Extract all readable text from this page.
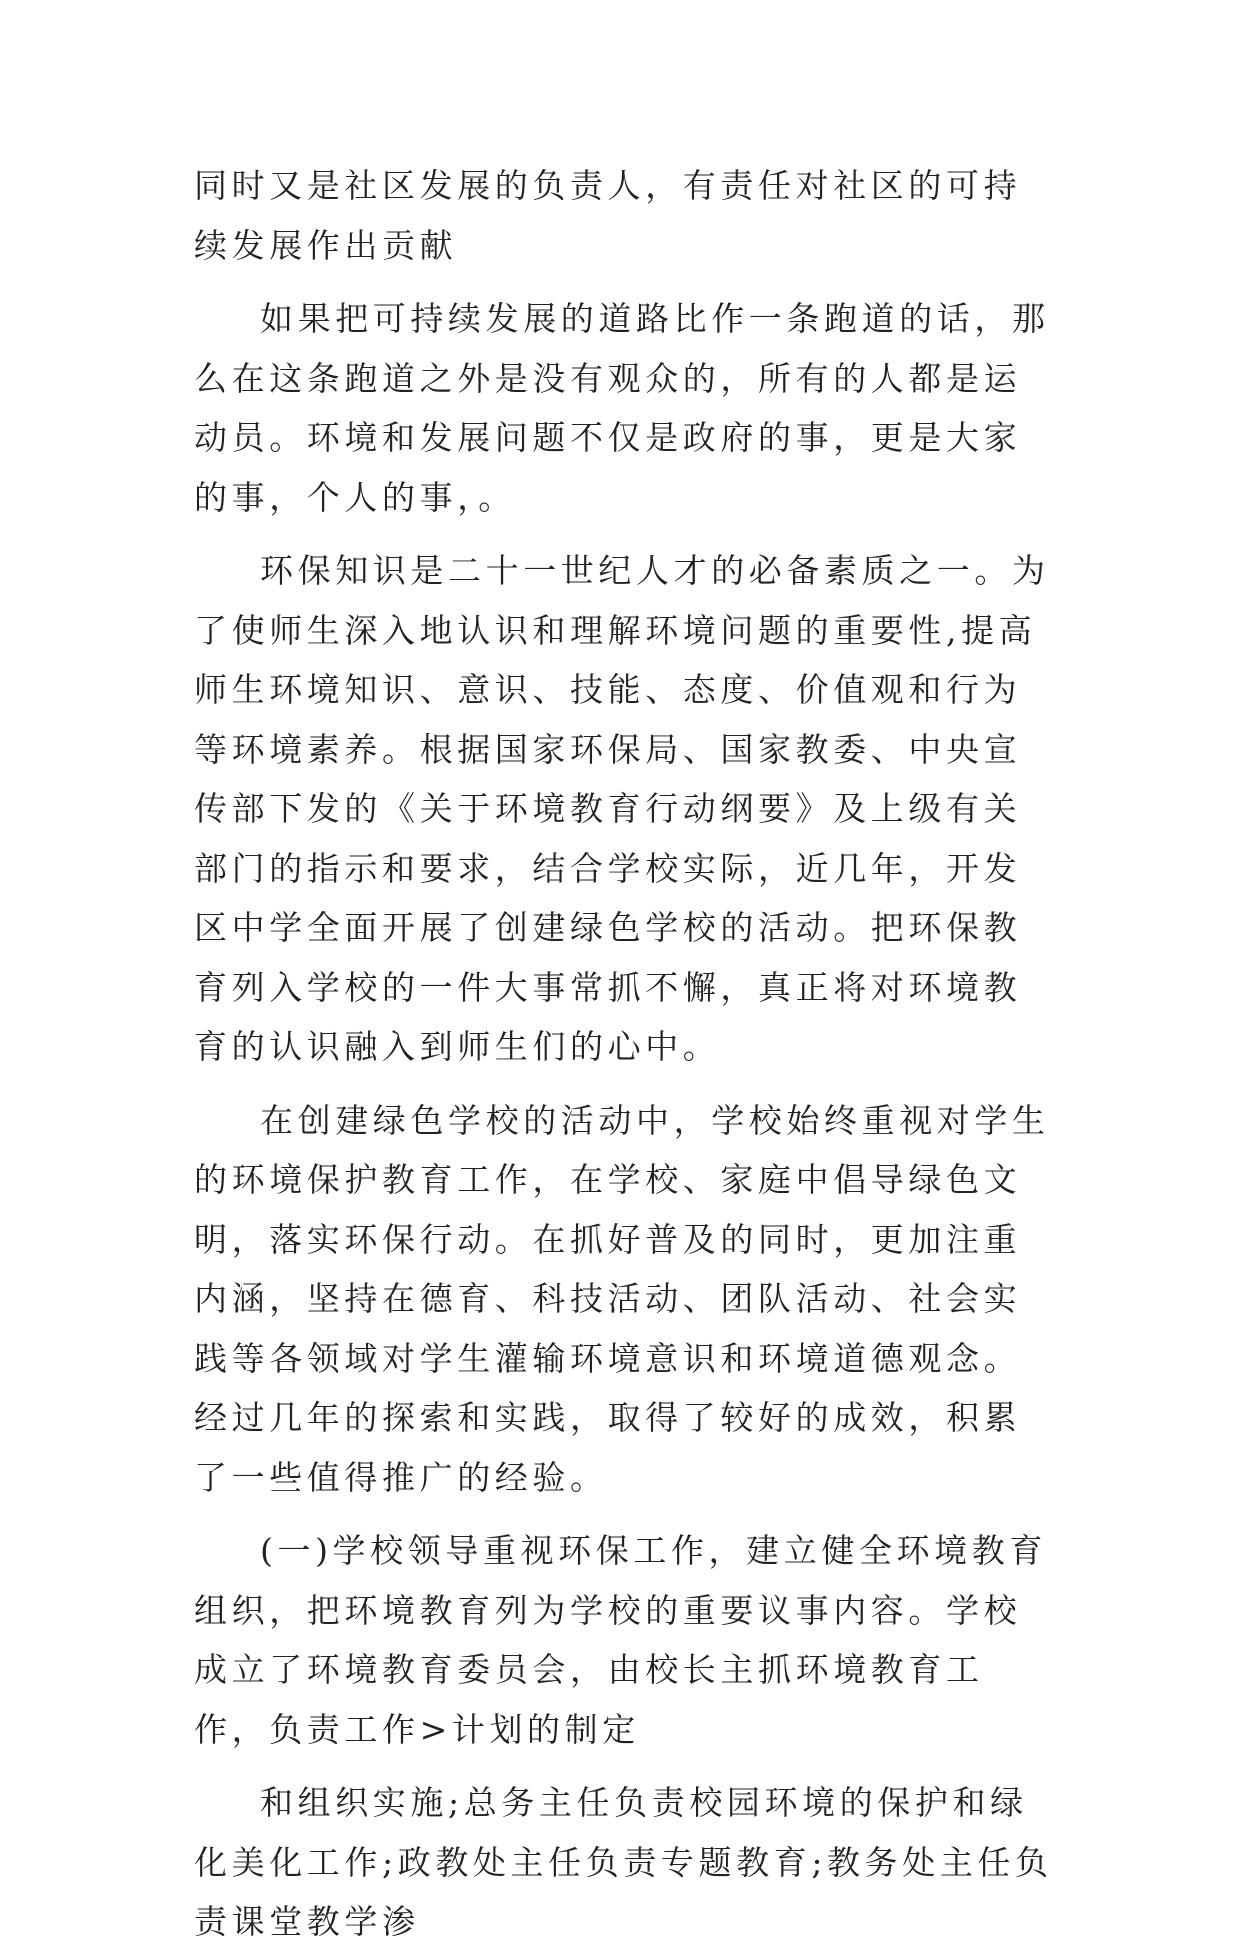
同时又是社区发展的负责人，有责任对社区的可持续发展作出贡献

如果把可持续发展的道路比作一条跑道的话，那么在这条跑道之外是没有观众的，所有的人都是运动员。环境和发展问题不仅是政府的事，更是大家的事，个人的事，。

环保知识是二十一世纪人才的必备素质之一。为了使师生深入地认识和理解环境问题的重要性,提高师生环境知识、意识、技能、态度、价值观和行为等环境素养。根据国家环保局、国家教委、中央宣传部下发的《关于环境教育行动纲要》及上级有关部门的指示和要求，结合学校实际，近几年，开发区中学全面开展了创建绿色学校的活动。把环保教育列入学校的一件大事常抓不懈，真正将对环境教育的认识融入到师生们的心中。

在创建绿色学校的活动中，学校始终重视对学生的环境保护教育工作，在学校、家庭中倡导绿色文明，落实环保行动。在抓好普及的同时，更加注重内涵，坚持在德育、科技活动、团队活动、社会实践等各领域对学生灌输环境意识和环境道德观念。经过几年的探索和实践，取得了较好的成效，积累了一些值得推广的经验。

(一)学校领导重视环保工作，建立健全环境教育组织，把环境教育列为学校的重要议事内容。学校成立了环境教育委员会，由校长主抓环境教育工作，负责工作>计划的制定

和组织实施;总务主任负责校园环境的保护和绿化美化工作;政教处主任负责专题教育;教务处主任负责课堂教学渗
